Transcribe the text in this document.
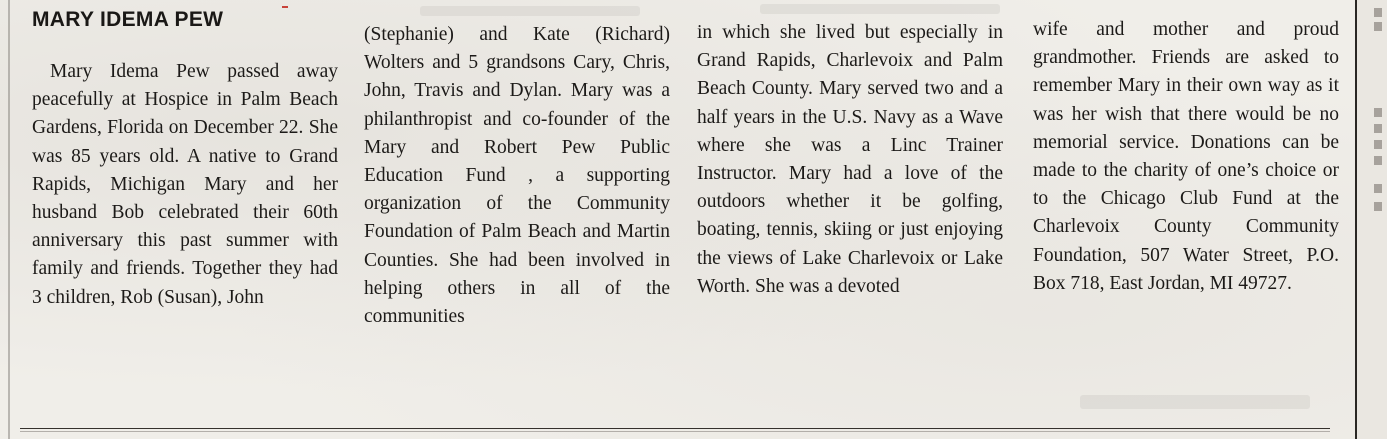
MARY IDEMA PEW

Mary Idema Pew passed away peacefully at Hospice in Palm Beach Gardens, Florida on December 22. She was 85 years old. A native to Grand Rapids, Michigan Mary and her husband Bob celebrated their 60th anniversary this past summer with family and friends. Together they had 3 children, Rob (Susan), John

(Stephanie) and Kate (Richard) Wolters and 5 grandsons Cary, Chris, John, Travis and Dylan. Mary was a philanthropist and co-founder of the Mary and Robert Pew Public Education Fund , a supporting organization of the Community Foundation of Palm Beach and Martin Counties. She had been involved in helping others in all of the communities

in which she lived but especially in Grand Rapids, Charlevoix and Palm Beach County. Mary served two and a half years in the U.S. Navy as a Wave where she was a Linc Trainer Instructor. Mary had a love of the outdoors whether it be golfing, boating, tennis, skiing or just enjoying the views of Lake Charlevoix or Lake Worth. She was a devoted

wife and mother and proud grandmother. Friends are asked to remember Mary in their own way as it was her wish that there would be no memorial service. Donations can be made to the charity of one’s choice or to the Chicago Club Fund at the Charlevoix County Community Foundation, 507 Water Street, P.O. Box 718, East Jordan, MI 49727.
